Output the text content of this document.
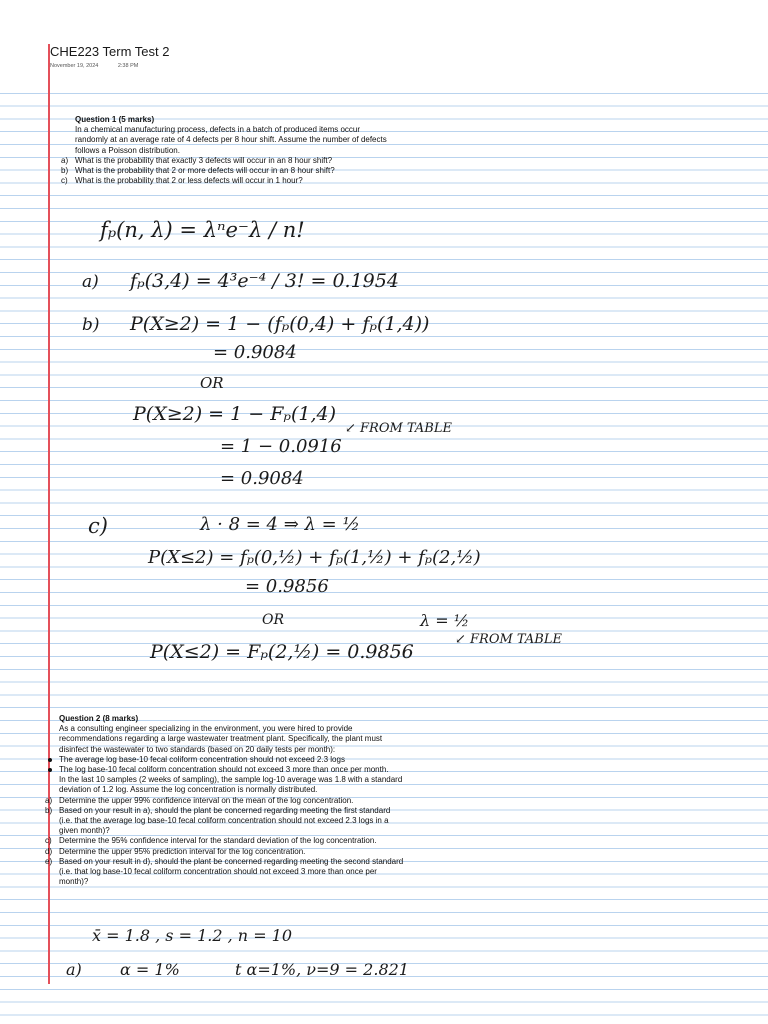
CHE223 Term Test 2
November 19, 2024	2:38 PM
Question 1 (5 marks)

In a chemical manufacturing process, defects in a batch of produced items occur

randomly at an average rate of 4 defects per 8 hour shift. Assume the number of defects

follows a Poisson distribution.

a) What is the probability that exactly 3 defects will occur in an 8 hour shift?
b) What is the probability that 2 or more defects will occur in an 8 hour shift?
c) What is the probability that 2 or less defects will occur in 1 hour?
fₚ(n, λ) = λⁿe⁻λ / n!
a) fₚ(3,4) = 4³e⁻⁴ / 3! = 0.1954
b) P(X≥2) = 1 − (fₚ(0,4) + fₚ(1,4))
= 0.9084
OR
P(X≥2) = 1 − Fₚ(1,4)
↙ FROM TABLE
= 1 − 0.0916
= 0.9084
c)	λ · 8 = 4 ⇒ λ = ½
P(X≤2) = fₚ(0,½) + fₚ(1,½) + fₚ(2,½)
= 0.9856
OR	λ = ½
P(X≤2) = Fₚ(2,½) = 0.9856
↙ FROM TABLE
x̄ = 1.8 , s = 1.2 , n = 10
a) α = 1%	t α=1%, ν=9 = 2.821
Question 2 (8 marks)

As a consulting engineer specializing in the environment, you were hired to provide

recommendations regarding a large wastewater treatment plant. Specifically, the plant must

disinfect the wastewater to two standards (based on 20 daily tests per month):

The average log base-10 fecal coliform concentration should not exceed 2.3 logs

The log base-10 fecal coliform concentration should not exceed 3 more than once per month.

In the last 10 samples (2 weeks of sampling), the sample log-10 average was 1.8 with a standard

deviation of 1.2 log. Assume the log concentration is normally distributed.

a) Determine the upper 99% confidence interval on the mean of the log concentration.

b) Based on your result in a), should the plant be concerned regarding meeting the first standard

(i.e. that the average log base-10 fecal coliform concentration should not exceed 2.3 logs in a

given month)?

c) Determine the 95% confidence interval for the standard deviation of the log concentration.

d) Determine the upper 95% prediction interval for the log concentration.

e) Based on your result in d), should the plant be concerned regarding meeting the second standard

(i.e. that log base-10 fecal coliform concentration should not exceed 3 more than once per

month)?
